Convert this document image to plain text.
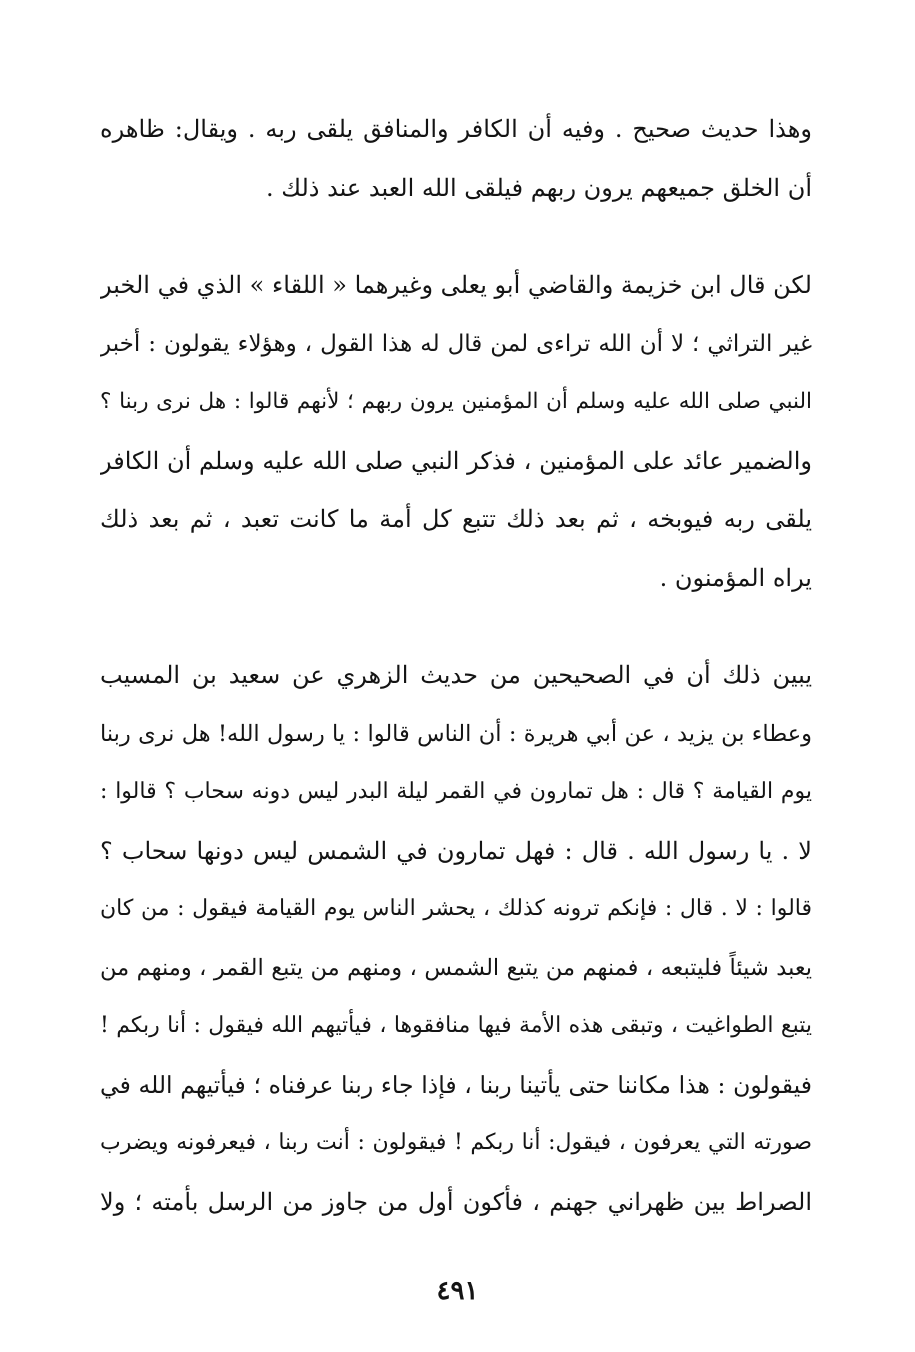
وهذا حديث صحيح . وفيه أن الكافر والمنافق يلقى ربه . ويقال: ظاهره
أن الخلق جميعهم يرون ربهم فيلقى الله العبد عند ذلك .
لكن قال ابن خزيمة والقاضي أبو يعلى وغيرهما « اللقاء » الذي في الخبر
غير التراثي ؛ لا أن الله تراءى لمن قال له هذا القول ، وهؤلاء يقولون : أخبر
النبي صلى الله عليه وسلم أن المؤمنين يرون ربهم ؛ لأنهم قالوا : هل نرى ربنا ؟
والضمير عائد على المؤمنين ، فذكر النبي صلى الله عليه وسلم أن الكافر
يلقى ربه فيوبخه ، ثم بعد ذلك تتبع كل أمة ما كانت تعبد ، ثم بعد ذلك
يراه المؤمنون .
يبين ذلك أن في الصحيحين من حديث الزهري عن سعيد بن المسيب
وعطاء بن يزيد ، عن أبي هريرة : أن الناس قالوا : يا رسول الله! هل نرى ربنا
يوم القيامة ؟ قال : هل تمارون في القمر ليلة البدر ليس دونه سحاب ؟ قالوا :
لا . يا رسول الله . قال : فهل تمارون في الشمس ليس دونها سحاب ؟
قالوا : لا . قال : فإنكم ترونه كذلك ، يحشر الناس يوم القيامة فيقول : من كان
يعبد شيئاً فليتبعه ، فمنهم من يتبع الشمس ، ومنهم من يتبع القمر ، ومنهم من
يتبع الطواغيت ، وتبقى هذه الأمة فيها منافقوها ، فيأتيهم الله فيقول : أنا ربكم !
فيقولون : هذا مكاننا حتى يأتينا ربنا ، فإذا جاء ربنا عرفناه ؛ فيأتيهم الله في
صورته التي يعرفون ، فيقول: أنا ربكم ! فيقولون : أنت ربنا ، فيعرفونه ويضرب
الصراط بين ظهراني جهنم ، فأكون أول من جاوز من الرسل بأمته ؛ ولا
٤٩١
